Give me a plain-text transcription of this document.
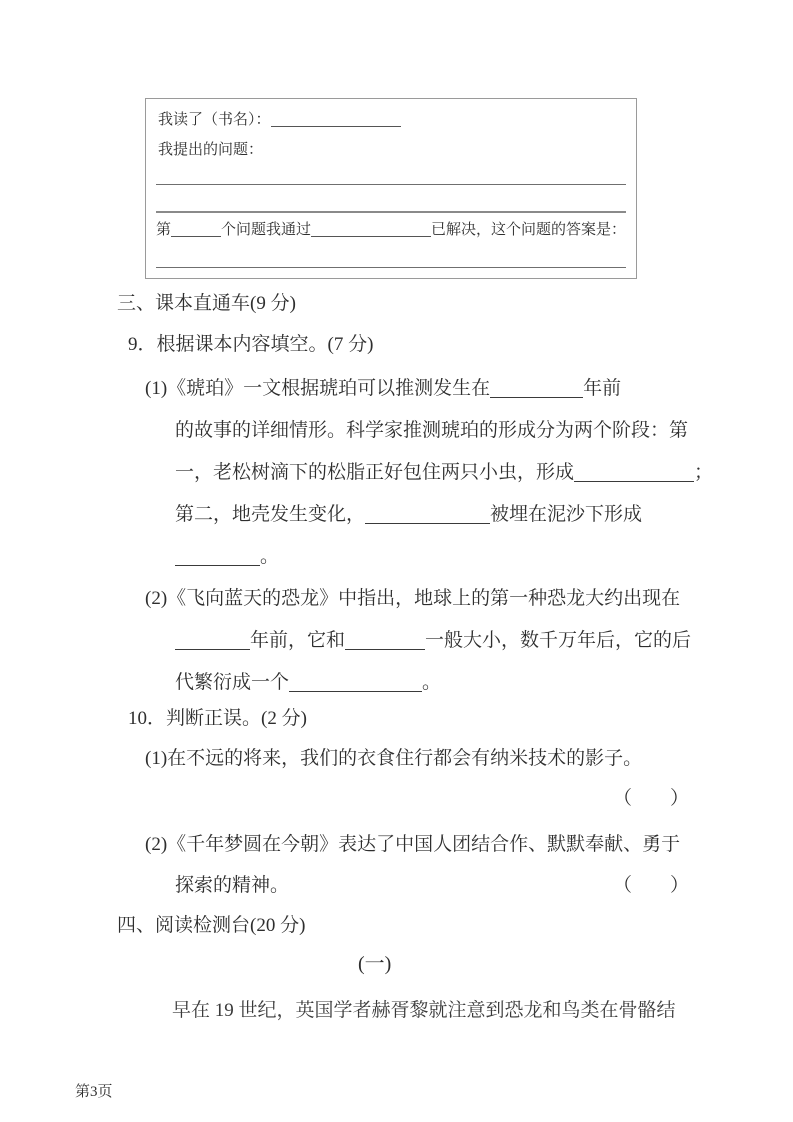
我读了（书名）：
我提出的问题：
第	个问题我通过	已解决，这个问题的答案是：
三、课本直通车(9 分)
9．根据课本内容填空。(7 分)
(1)《琥珀》一文根据琥珀可以推测发生在	年前
的故事的详细情形。科学家推测琥珀的形成分为两个阶段：第
一，老松树滴下的松脂正好包住两只小虫，形成	；
第二，地壳发生变化，	被埋在泥沙下形成
。
(2)《飞向蓝天的恐龙》中指出，地球上的第一种恐龙大约出现在
年前，它和	一般大小，数千万年后，它的后
代繁衍成一个	。
10．判断正误。(2 分)
(1)在不远的将来，我们的衣食住行都会有纳米技术的影子。
（　　）
(2)《千年梦圆在今朝》表达了中国人团结合作、默默奉献、勇于
探索的精神。	（　　）
四、阅读检测台(20 分)
(一)
早在 19 世纪，英国学者赫胥黎就注意到恐龙和鸟类在骨骼结
第3页
